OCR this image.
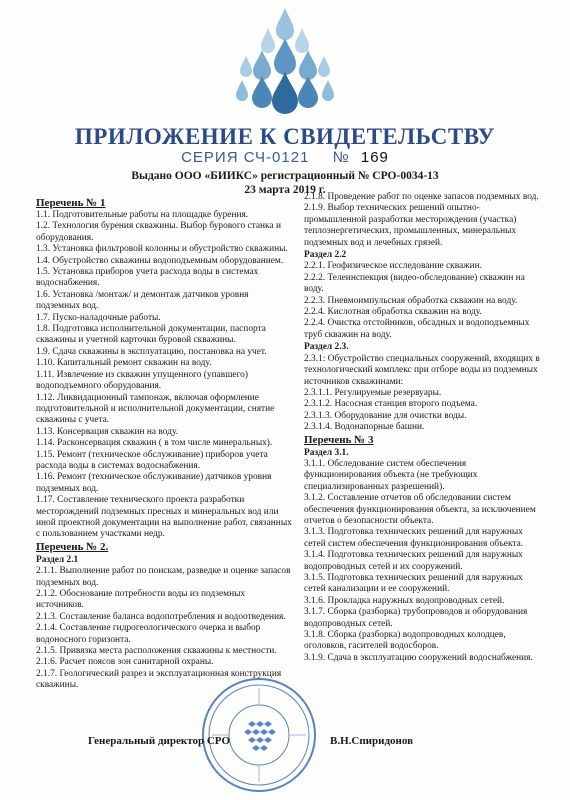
ПРИЛОЖЕНИЕ К СВИДЕТЕЛЬСТВУ
СЕРИЯ СЧ-0121 № 169
Выдано ООО «БИИКС» регистрационный № СРО-0034-13
23 марта 2019 г.

Перечень № 1

1.1. Подготовительные работы на площадке бурения.

1.2. Технология бурения скважины. Выбор бурового станка и оборудования.

1.3. Установка фильтровой колонны и обустройство скважины.

1.4. Обустройство скважины водоподъемным оборудованием.

1.5. Установка приборов учета расхода воды в системах водоснабжения.

1.6. Установка /монтаж/ и демонтаж датчиков уровня подземных вод.

1.7. Пуско-наладочные работы.

1.8. Подготовка исполнительной документации, паспорта скважины и учетной карточки буровой скважины.

1.9. Сдача скважины в эксплуатацию, постановка на учет.

1.10. Капитальный ремонт скважин на воду.

1.11. Извлечение из скважин упущенного (упавшего) водоподъемного оборудования.

1.12. Ликвидационный тампонаж, включая оформление подготовительной и исполнительной документации, снятие скважины с учета.

1.13. Консервация скважин на воду.

1.14. Расконсервация скважин ( в том числе минеральных).

1.15. Ремонт (техническое обслуживание) приборов учета расхода воды в системах водоснабжения.

1.16. Ремонт (техническое обслуживание) датчиков уровня подземных вод.

1.17. Составление технического проекта разработки месторождений подземных пресных и минеральных вод или иной проектной документации на выполнение работ, связанных с пользованием участками недр.

Перечень № 2.

Раздел 2.1

2.1.1. Выполнение работ по поискам, разведке и оценке запасов подземных вод.

2.1.2. Обоснование потребности воды из подземных источников.

2.1.3. Составление баланса водопотребления и водоотведения.

2.1.4. Составление гидрогеологического очерка и выбор водоносного горизонта.

2.1.5. Привязка места расположения скважины к местности.

2.1.6. Расчет поясов зон санитарной охраны.

2.1.7. Геологический разрез и эксплуатационная конструкция скважины.

2.1.8. Проведение работ по оценке запасов подземных вод.

2.1.9. Выбор технических решений опытно-промышленной разработки месторождения (участка) теплоэнергетических, промышленных, минеральных подземных вод и лечебных грязей.

Раздел 2.2

2.2.1. Геофизическое исследование скважин.

2.2.2. Телеинспекция (видео-обследование) скважин на воду.

2.2.3. Пневмоимпульсная обработка скважин на воду.

2.2.4. Кислотная обработка скважин на воду.

2.2.4. Очистка отстойников, обсадных и водоподъемных труб скважин на воду.

Раздел 2.3.

2.3.1: Обустройство специальных сооружений, входящих в технологический комплекс при отборе воды из подземных источников скважинами:

2.3.1.1. Регулируемые резервуары.

2.3.1.2. Насосная станция второго подъема.

2.3.1.3. Оборудование для очистки воды.

2.3.1.4. Водонапорные башни.

Перечень № 3

Раздел 3.1.

3.1.1. Обследование систем обеспечения функционирования объекта (не требующих специализированных разрешений).

3.1.2. Составление отчетов об обследовании систем обеспечения функционирования объекта, за исключением отчетов о безопасности объекта.

3.1.3. Подготовка технических решений для наружных сетей систем обеспечения функционирования объекта.

3.1.4. Подготовка технических решений для наружных водопроводных сетей и их сооружений.

3.1.5. Подготовка технических решений для наружных сетей канализации и ее сооружений.

3.1.6. Прокладка наружных водопроводных сетей.

3.1.7. Сборка (разборка) трубопроводов и оборудования водопроводных сетей.

3.1.8. Сборка (разборка) водопроводных колодцев, оголовков, гасителей водосборов.

3.1.9. Сдача в эксплуатацию сооружений водоснабжения.

Генеральный директор СРО	В.Н.Спиридонов
